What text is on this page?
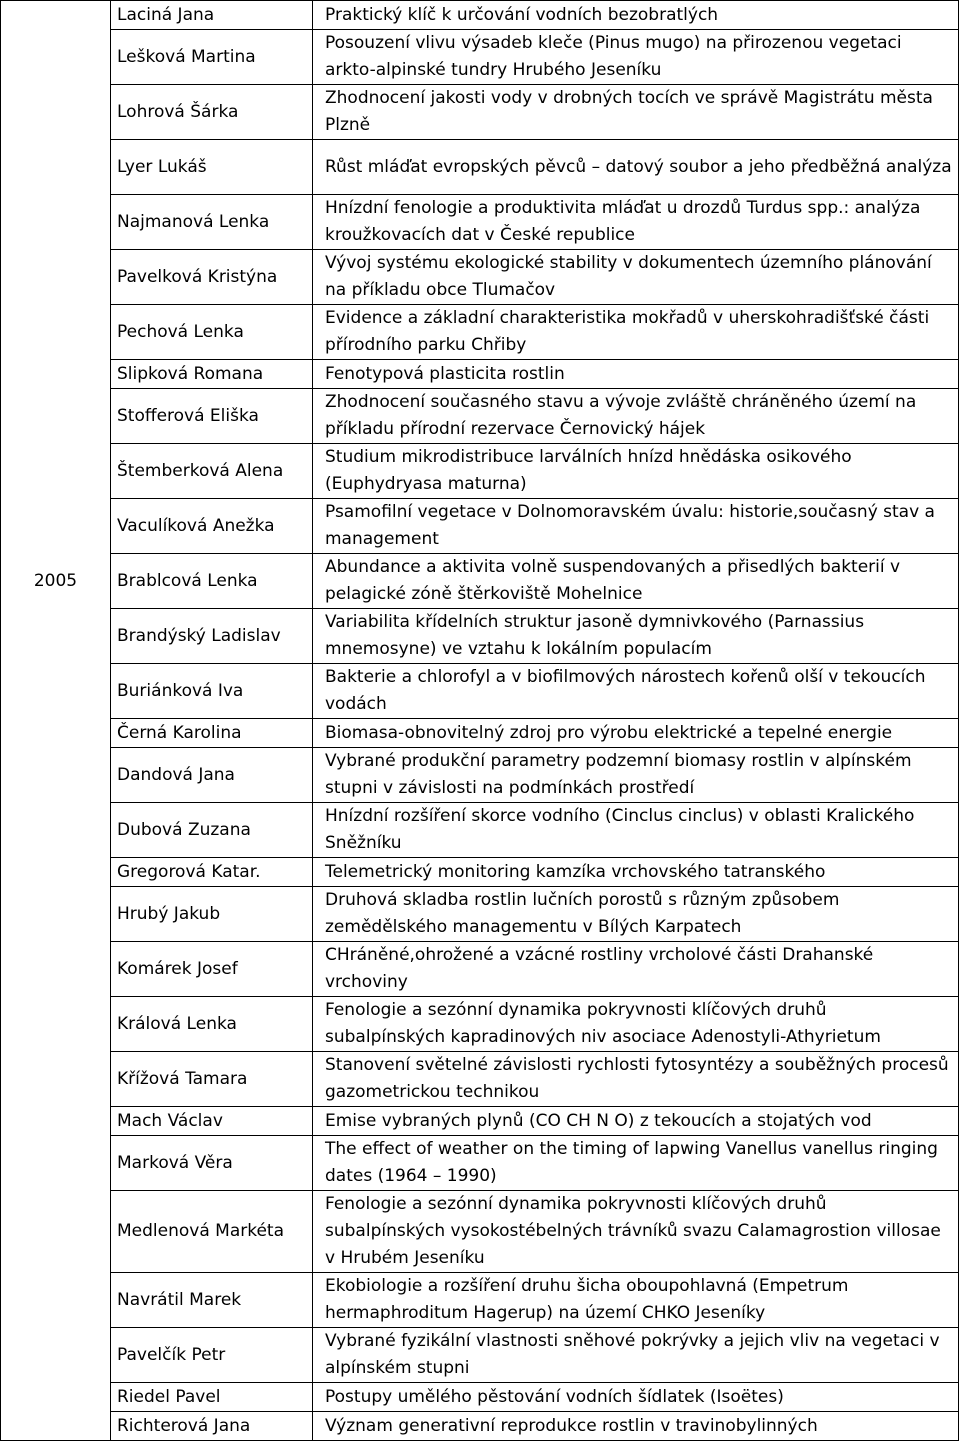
2005	Laciná Jana	Praktický klíč k určování vodních bezobratlých
	Lešková Martina	Posouzení vlivu výsadeb kleče (Pinus mugo) na přirozenou vegetaci arkto-alpinské tundry Hrubého Jeseníku
	Lohrová Šárka	Zhodnocení jakosti vody v drobných tocích ve správě Magistrátu města Plzně
	Lyer Lukáš	Růst mláďat evropských pěvců – datový soubor a jeho předběžná analýza
	Najmanová Lenka	Hnízdní fenologie a produktivita mláďat u drozdů Turdus spp.: analýza kroužkovacích dat v České republice
	Pavelková Kristýna	Vývoj systému ekologické stability v dokumentech územního plánování na příkladu obce Tlumačov
	Pechová Lenka	Evidence a základní charakteristika mokřadů v uherskohradišťské části přírodního parku Chřiby
	Slipková Romana	Fenotypová plasticita rostlin
	Stofferová Eliška	Zhodnocení současného stavu a vývoje zvláště chráněného území na příkladu přírodní rezervace Černovický hájek
	Štemberková Alena	Studium mikrodistribuce larválních hnízd hnědáska osikového (Euphydryasa maturna)
	Vaculíková Anežka	Psamofilní vegetace v Dolnomoravském úvalu: historie,současný stav a management
	Brablcová Lenka	Abundance a aktivita volně suspendovaných a přisedlých bakterií v pelagické zóně štěrkoviště Mohelnice
	Brandýský Ladislav	Variabilita křídelních struktur jasoně dymnivkového (Parnassius mnemosyne) ve vztahu k lokálním populacím
	Buriánková Iva	Bakterie a chlorofyl a v biofilmových nárostech kořenů olší v tekoucích vodách
	Černá Karolina	Biomasa-obnovitelný zdroj pro výrobu elektrické a tepelné energie
	Dandová Jana	Vybrané produkční parametry podzemní biomasy rostlin v alpínském stupni v závislosti na podmínkách prostředí
	Dubová Zuzana	Hnízdní rozšíření skorce vodního (Cinclus cinclus) v oblasti Kralického Sněžníku
	Gregorová Katar.	Telemetrický monitoring kamzíka vrchovského tatranského
	Hrubý Jakub	Druhová skladba rostlin lučních porostů s různým způsobem zemědělského managementu v Bílých Karpatech
	Komárek Josef	CHráněné,ohrožené a vzácné rostliny vrcholové části Drahanské vrchoviny
	Králová Lenka	Fenologie a sezónní dynamika pokryvnosti klíčových druhů subalpínských kapradinových niv asociace Adenostyli-Athyrietum
	Křížová Tamara	Stanovení světelné závislosti rychlosti fytosyntézy a souběžných procesů gazometrickou technikou
	Mach Václav	Emise vybraných plynů (CO CH N O) z tekoucích a stojatých vod
	Marková Věra	The effect of weather on the timing of lapwing Vanellus vanellus ringing dates (1964 – 1990)
	Medlenová Markéta	Fenologie a sezónní dynamika pokryvnosti klíčových druhů subalpínských vysokostébelných trávníků svazu Calamagrostion villosae v Hrubém Jeseníku
	Navrátil Marek	Ekobiologie a rozšíření druhu šicha oboupohlavná (Empetrum hermaphroditum Hagerup) na území CHKO Jeseníky
	Pavelčík Petr	Vybrané fyzikální vlastnosti sněhové pokrývky a jejich vliv na vegetaci v alpínském stupni
	Riedel Pavel	Postupy umělého pěstování vodních šídlatek (Isoëtes)
	Richterová Jana	Význam generativní reprodukce rostlin v travinobylinných
